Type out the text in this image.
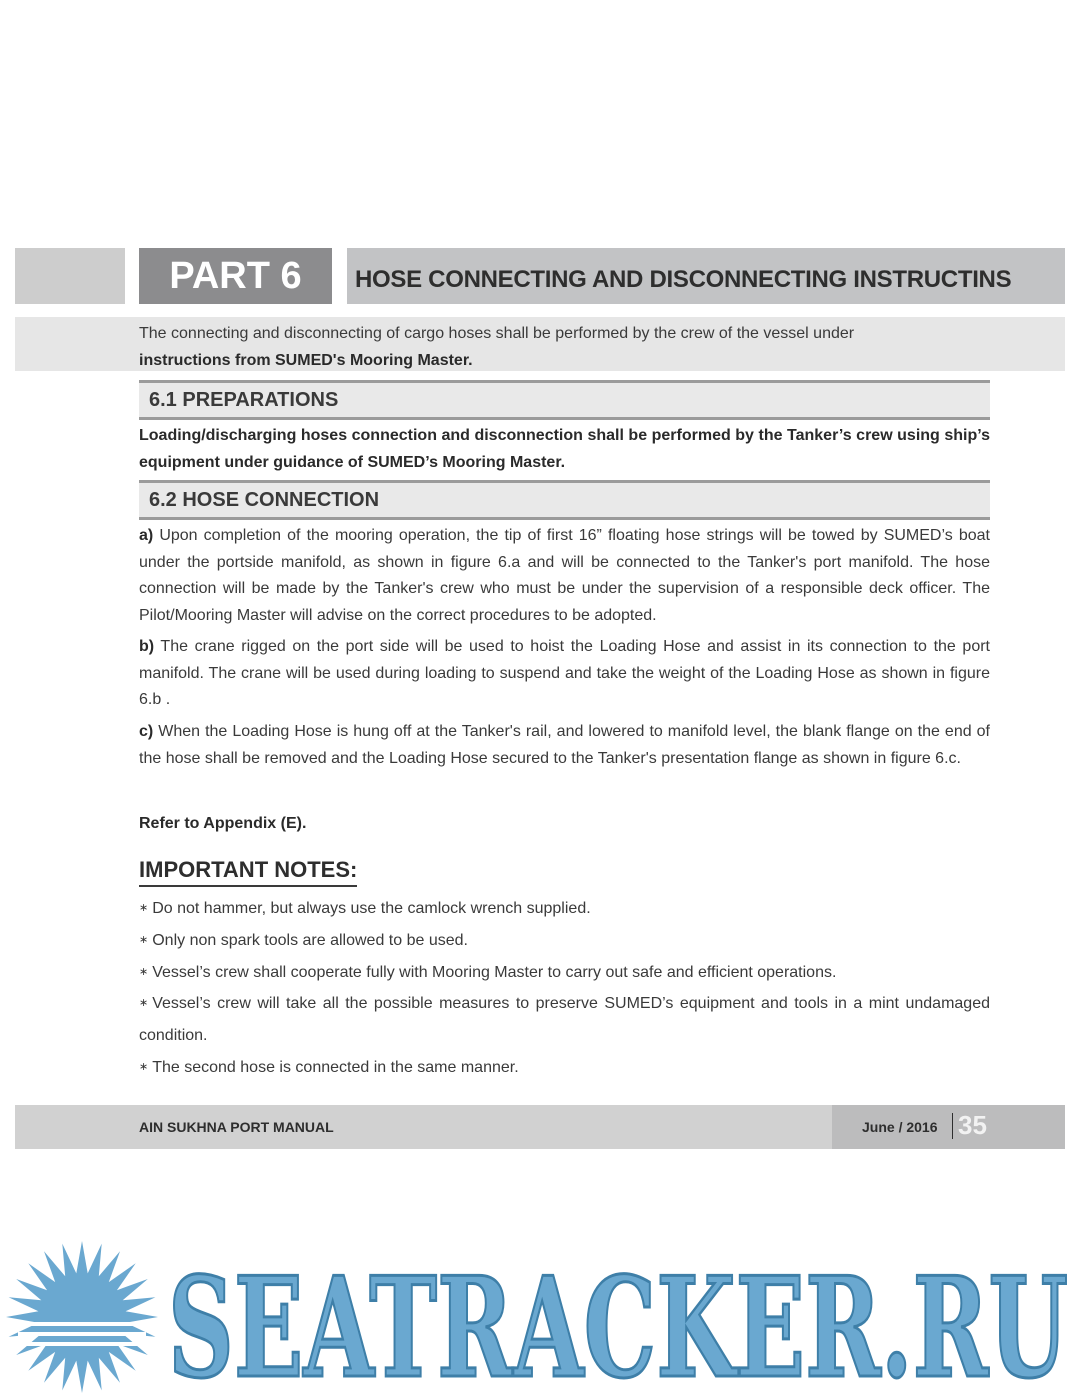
PART 6	HOSE CONNECTING AND DISCONNECTING INSTRUCTINS
The connecting and disconnecting of cargo hoses shall be performed by the crew of the vessel under
instructions from SUMED's Mooring Master.
6.1 PREPARATIONS
Loading/discharging hoses connection and disconnection shall be performed by the Tanker’s crew using ship’s equipment under guidance of SUMED’s Mooring Master.
6.2 HOSE CONNECTION
a) Upon completion of the mooring operation, the tip of first 16” floating hose strings will be towed by SUMED’s boat under the portside manifold, as shown in figure 6.a and will be connected to the Tanker's port manifold. The hose connection will be made by the Tanker's crew who must be under the supervision of a responsible deck officer. The Pilot/Mooring Master will advise on the correct procedures to be adopted.
b) The crane rigged on the port side will be used to hoist the Loading Hose and assist in its connection to the port manifold. The crane will be used during loading to suspend and take the weight of the Loading Hose as shown in figure 6.b .
c) When the Loading Hose is hung off at the Tanker's rail, and lowered to manifold level, the blank flange on the end of the hose shall be removed and the Loading Hose secured to the Tanker's presentation flange as shown in figure 6.c.
Refer to Appendix (E).
IMPORTANT NOTES:
∗ Do not hammer, but always use the camlock wrench supplied.
∗ Only non spark tools are allowed to be used.
∗ Vessel’s crew shall cooperate fully with Mooring Master to carry out safe and efficient operations.
∗ Vessel’s crew will take all the possible measures to preserve SUMED’s equipment and tools in a mint undamaged condition.
∗ The second hose is connected in the same manner.
AIN SUKHNA PORT MANUAL	June / 2016 35
SEATRACKER.RU
